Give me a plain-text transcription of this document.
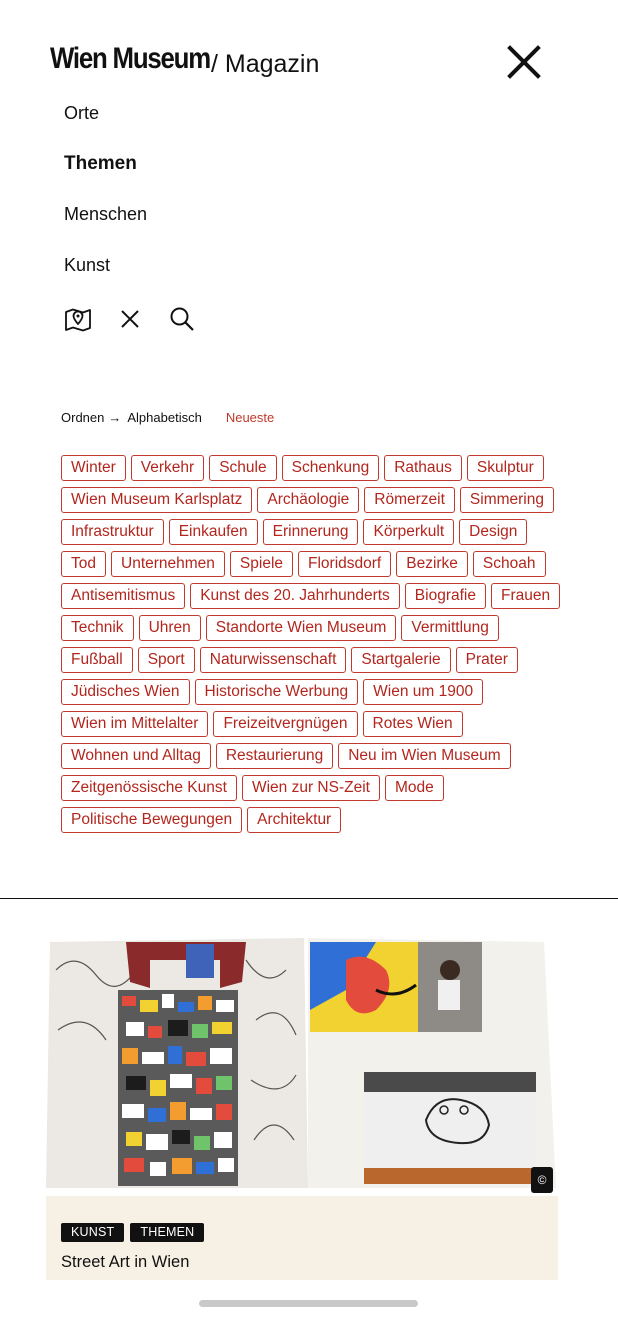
Wien Museum / Magazin
Orte
Themen
Menschen
Kunst
Ordnen → Alphabetisch Neueste
Winter	Verkehr	Schule	Schenkung	Rathaus	Skulptur
Wien Museum Karlsplatz	Archäologie	Römerzeit	Simmering
Infrastruktur	Einkaufen	Erinnerung	Körperkult	Design
Tod	Unternehmen	Spiele	Floridsdorf	Bezirke	Schoah
Antisemitismus	Kunst des 20. Jahrhunderts	Biografie	Frauen
Technik	Uhren	Standorte Wien Museum	Vermittlung
Fußball	Sport	Naturwissenschaft	Startgalerie	Prater
Jüdisches Wien	Historische Werbung	Wien um 1900
Wien im Mittelalter	Freizeitvergnügen	Rotes Wien
Wohnen und Alltag	Restaurierung	Neu im Wien Museum
Zeitgenössische Kunst	Wien zur NS-Zeit	Mode
Politische Bewegungen	Architektur
©
KUNST	THEMEN
Street Art in Wien
